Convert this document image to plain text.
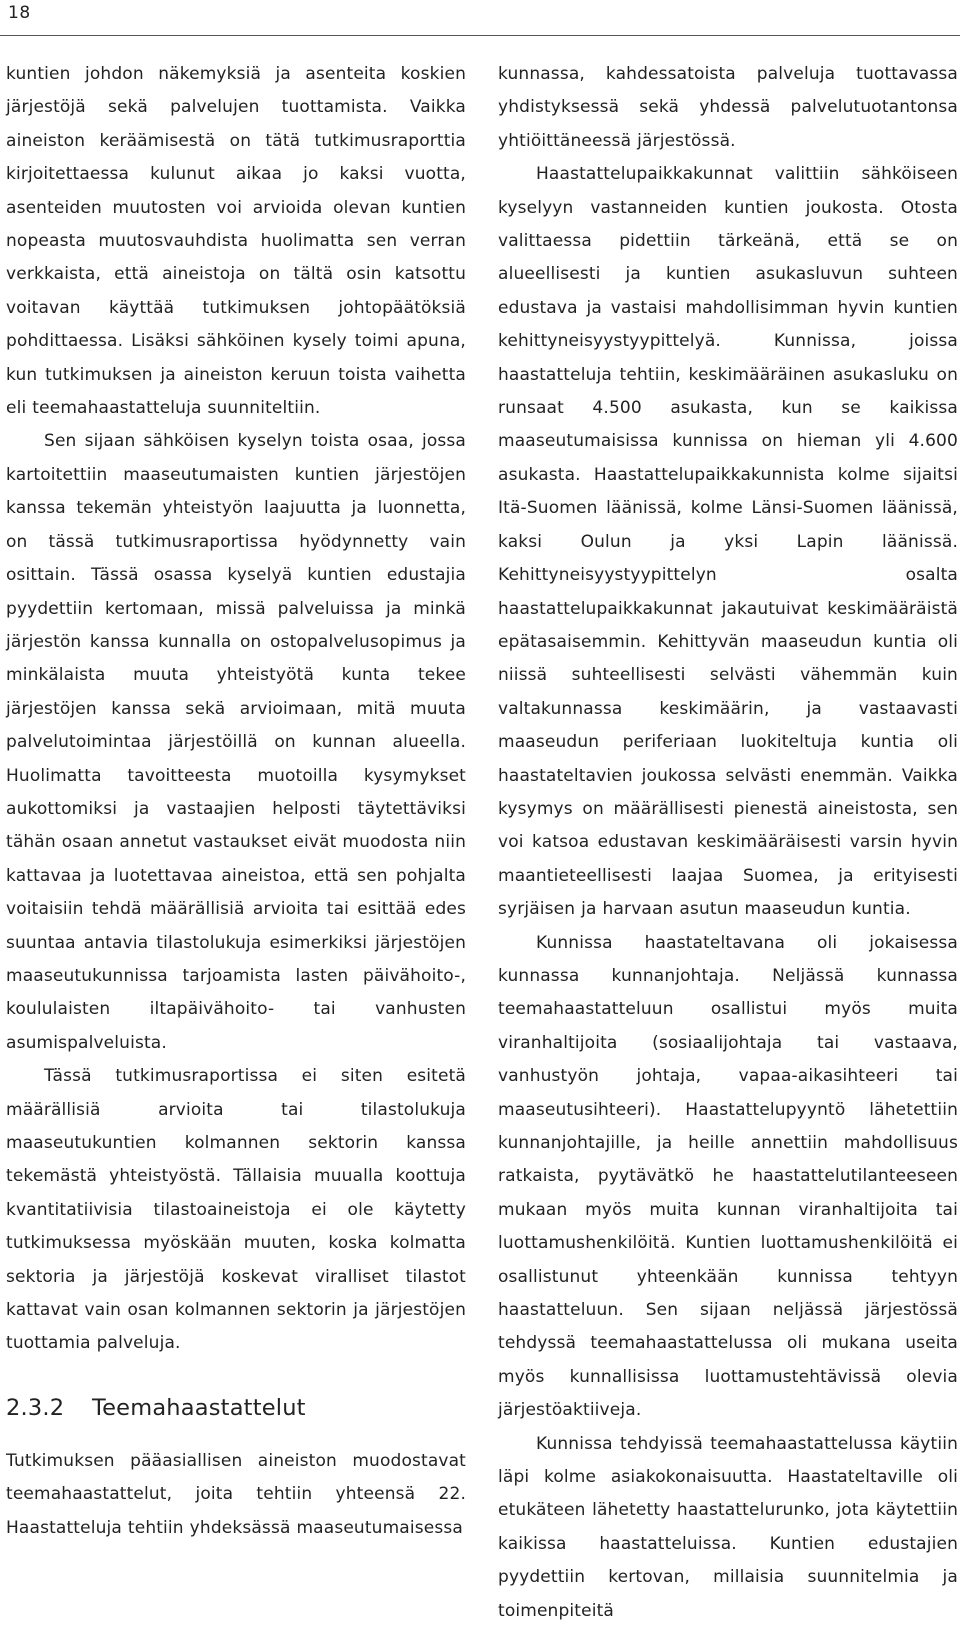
18

kuntien johdon näkemyksiä ja asenteita koskien järjestöjä sekä palvelujen tuottamista. Vaikka aineiston keräämisestä on tätä tutkimusraporttia kirjoitettaessa kulunut aikaa jo kaksi vuotta, asenteiden muutosten voi arvioida olevan kuntien nopeasta muutosvauhdista huolimatta sen verran verkkaista, että aineistoja on tältä osin katsottu voitavan käyttää tutkimuksen johtopäätöksiä pohdittaessa. Lisäksi sähköinen kysely toimi apuna, kun tutkimuksen ja aineiston keruun toista vaihetta eli teemahaastatteluja suunniteltiin.

Sen sijaan sähköisen kyselyn toista osaa, jossa kartoitettiin maaseutumaisten kuntien järjestöjen kanssa tekemän yhteistyön laajuutta ja luonnetta, on tässä tutkimusraportissa hyödynnetty vain osittain. Tässä osassa kyselyä kuntien edustajia pyydettiin kertomaan, missä palveluissa ja minkä järjestön kanssa kunnalla on ostopalvelusopimus ja minkälaista muuta yhteistyötä kunta tekee järjestöjen kanssa sekä arvioimaan, mitä muuta palvelutoimintaa järjestöillä on kunnan alueella. Huolimatta tavoitteesta muotoilla kysymykset aukottomiksi ja vastaajien helposti täytettäviksi tähän osaan annetut vastaukset eivät muodosta niin kattavaa ja luotettavaa aineistoa, että sen pohjalta voitaisiin tehdä määrällisiä arvioita tai esittää edes suuntaa antavia tilastolukuja esimerkiksi järjestöjen maaseutukunnissa tarjoamista lasten päivähoito-, koululaisten iltapäivähoito- tai vanhusten asumispalveluista.

Tässä tutkimusraportissa ei siten esitetä määrällisiä arvioita tai tilastolukuja maaseutukuntien kolmannen sektorin kanssa tekemästä yhteistyöstä. Tällaisia muualla koottuja kvantitatiivisia tilastoaineistoja ei ole käytetty tutkimuksessa myöskään muuten, koska kolmatta sektoria ja järjestöjä koskevat viralliset tilastot kattavat vain osan kolmannen sektorin ja järjestöjen tuottamia palveluja.

2.3.2 Teemahaastattelut

Tutkimuksen pääasiallisen aineiston muodostavat teemahaastattelut, joita tehtiin yhteensä 22. Haastatteluja tehtiin yhdeksässä maaseutumaisessa

kunnassa, kahdessatoista palveluja tuottavassa yhdistyksessä sekä yhdessä palvelutuotantonsa yhtiöittäneessä järjestössä.

Haastattelupaikkakunnat valittiin sähköiseen kyselyyn vastanneiden kuntien joukosta. Otosta valittaessa pidettiin tärkeänä, että se on alueellisesti ja kuntien asukasluvun suhteen edustava ja vastaisi mahdollisimman hyvin kuntien kehittyneisyystyypittelyä. Kunnissa, joissa haastatteluja tehtiin, keskimääräinen asukasluku on runsaat 4.500 asukasta, kun se kaikissa maaseutumaisissa kunnissa on hieman yli 4.600 asukasta. Haastattelupaikkakunnista kolme sijaitsi Itä-Suomen läänissä, kolme Länsi-Suomen läänissä, kaksi Oulun ja yksi Lapin läänissä. Kehittyneisyystyypittelyn osalta haastattelupaikkakunnat jakautuivat keskimääräistä epätasaisemmin. Kehittyvän maaseudun kuntia oli niissä suhteellisesti selvästi vähemmän kuin valtakunnassa keskimäärin, ja vastaavasti maaseudun periferiaan luokiteltuja kuntia oli haastateltavien joukossa selvästi enemmän. Vaikka kysymys on määrällisesti pienestä aineistosta, sen voi katsoa edustavan keskimääräisesti varsin hyvin maantieteellisesti laajaa Suomea, ja erityisesti syrjäisen ja harvaan asutun maaseudun kuntia.

Kunnissa haastateltavana oli jokaisessa kunnassa kunnanjohtaja. Neljässä kunnassa teemahaastatteluun osallistui myös muita viranhaltijoita (sosiaalijohtaja tai vastaava, vanhustyön johtaja, vapaa-aikasihteeri tai maaseutusihteeri). Haastattelupyyntö lähetettiin kunnanjohtajille, ja heille annettiin mahdollisuus ratkaista, pyytävätkö he haastattelutilanteeseen mukaan myös muita kunnan viranhaltijoita tai luottamushenkilöitä. Kuntien luottamushenkilöitä ei osallistunut yhteenkään kunnissa tehtyyn haastatteluun. Sen sijaan neljässä järjestössä tehdyssä teemahaastattelussa oli mukana useita myös kunnallisissa luottamustehtävissä olevia järjestöaktiiveja.

Kunnissa tehdyissä teemahaastattelussa käytiin läpi kolme asiakokonaisuutta. Haastateltaville oli etukäteen lähetetty haastattelurunko, jota käytettiin kaikissa haastatteluissa. Kuntien edustajien pyydettiin kertovan, millaisia suunnitelmia ja toimenpiteitä
